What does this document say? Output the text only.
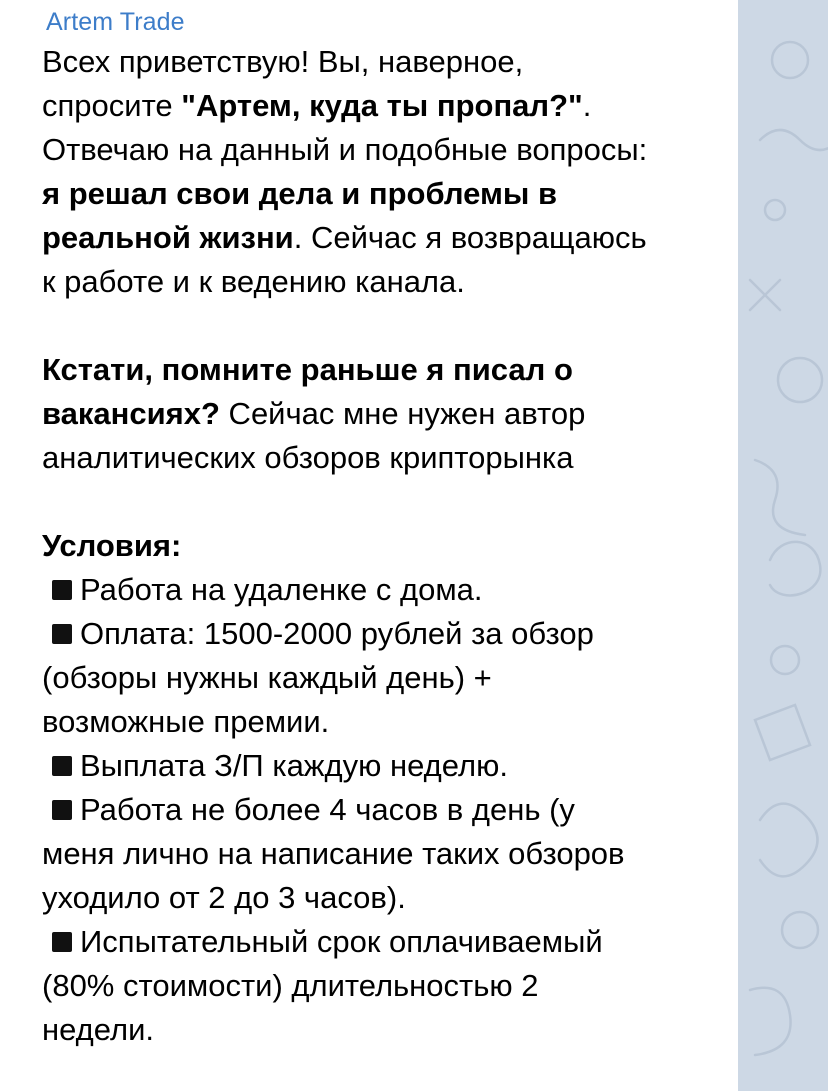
Artem Trade

Всех приветствую! Вы, наверное,

спросите "Артем, куда ты пропал?".

Отвечаю на данный и подобные вопросы:

я решал свои дела и проблемы в

реальной жизни. Сейчас я возвращаюсь

к работе и к ведению канала.

Кстати, помните раньше я писал о

вакансиях? Сейчас мне нужен автор

аналитических обзоров крипторынка

Условия:

Работа на удаленке с дома.

Оплата: 1500-2000 рублей за обзор

(обзоры нужны каждый день) +

возможные премии.

Выплата З/П каждую неделю.

Работа не более 4 часов в день (у

меня лично на написание таких обзоров

уходило от 2 до 3 часов).

Испытательный срок оплачиваемый

(80% стоимости) длительностью 2

недели.
